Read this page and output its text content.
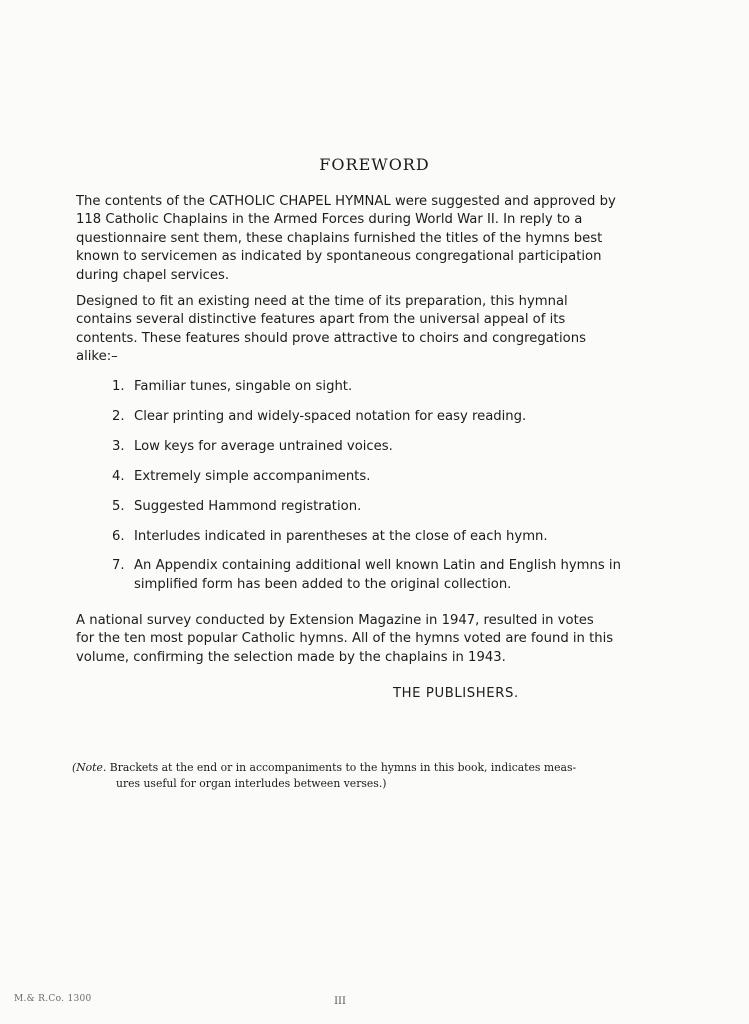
FOREWORD

The contents of the CATHOLIC CHAPEL HYMNAL were suggested and approved by 118 Catholic Chaplains in the Armed Forces during World War II. In reply to a questionnaire sent them, these chaplains furnished the titles of the hymns best known to servicemen as indicated by spontaneous congregational participation during chapel services.

Designed to fit an existing need at the time of its preparation, this hymnal contains several distinctive features apart from the universal appeal of its contents. These features should prove attractive to choirs and congregations alike:–

1. Familiar tunes, singable on sight.
2. Clear printing and widely-spaced notation for easy reading.
3. Low keys for average untrained voices.
4. Extremely simple accompaniments.
5. Suggested Hammond registration.
6. Interludes indicated in parentheses at the close of each hymn.
7. An Appendix containing additional well known Latin and English hymns in simplified form has been added to the original collection.

A national survey conducted by Extension Magazine in 1947, resulted in votes for the ten most popular Catholic hymns. All of the hymns voted are found in this volume, confirming the selection made by the chaplains in 1943.

THE PUBLISHERS.
(Note. Brackets at the end or in accompaniments to the hymns in this book, indicates meas-
ures useful for organ interludes between verses.)
M.& R.Co. 1300	III
